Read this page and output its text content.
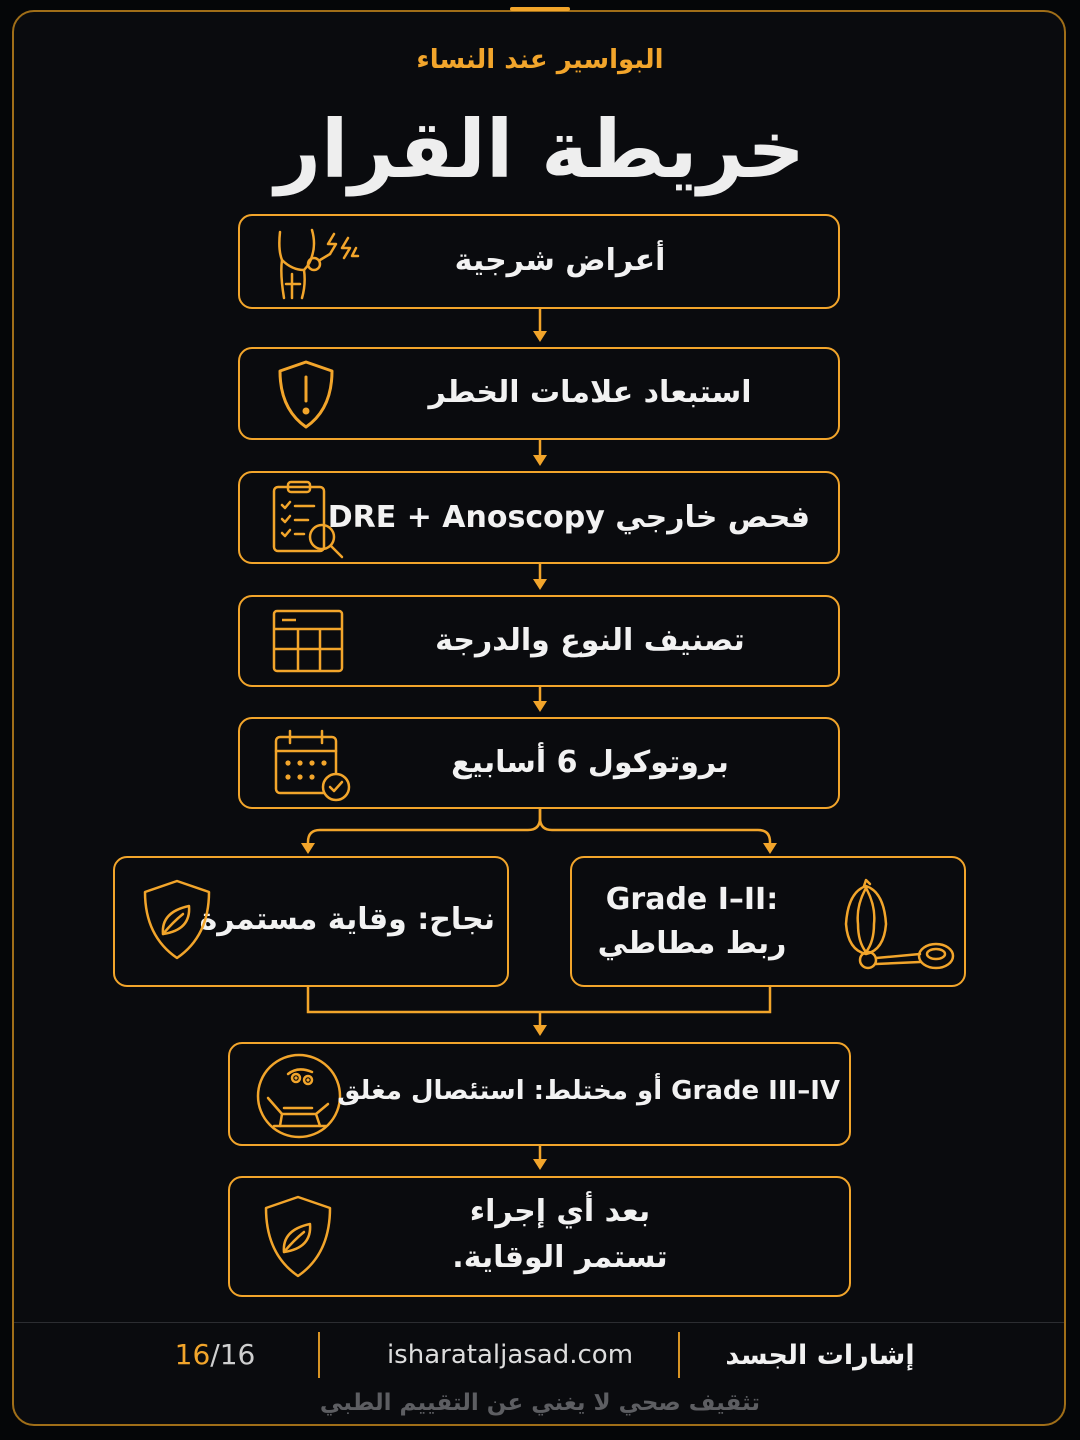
البواسير عند النساء
خريطة القرار
أعراض شرجية
استبعاد علامات الخطر
فحص خارجي DRE + Anoscopy
تصنيف النوع والدرجة
بروتوكول 6 أسابيع
Grade I–II:
ربط مطاطي
نجاح: وقاية مستمرة
Grade III–IV أو مختلط: استئصال مغلق
بعد أي إجراء
تستمر الوقاية.
إشارات الجسد
isharataljasad.com
16/16
تثقيف صحي لا يغني عن التقييم الطبي
